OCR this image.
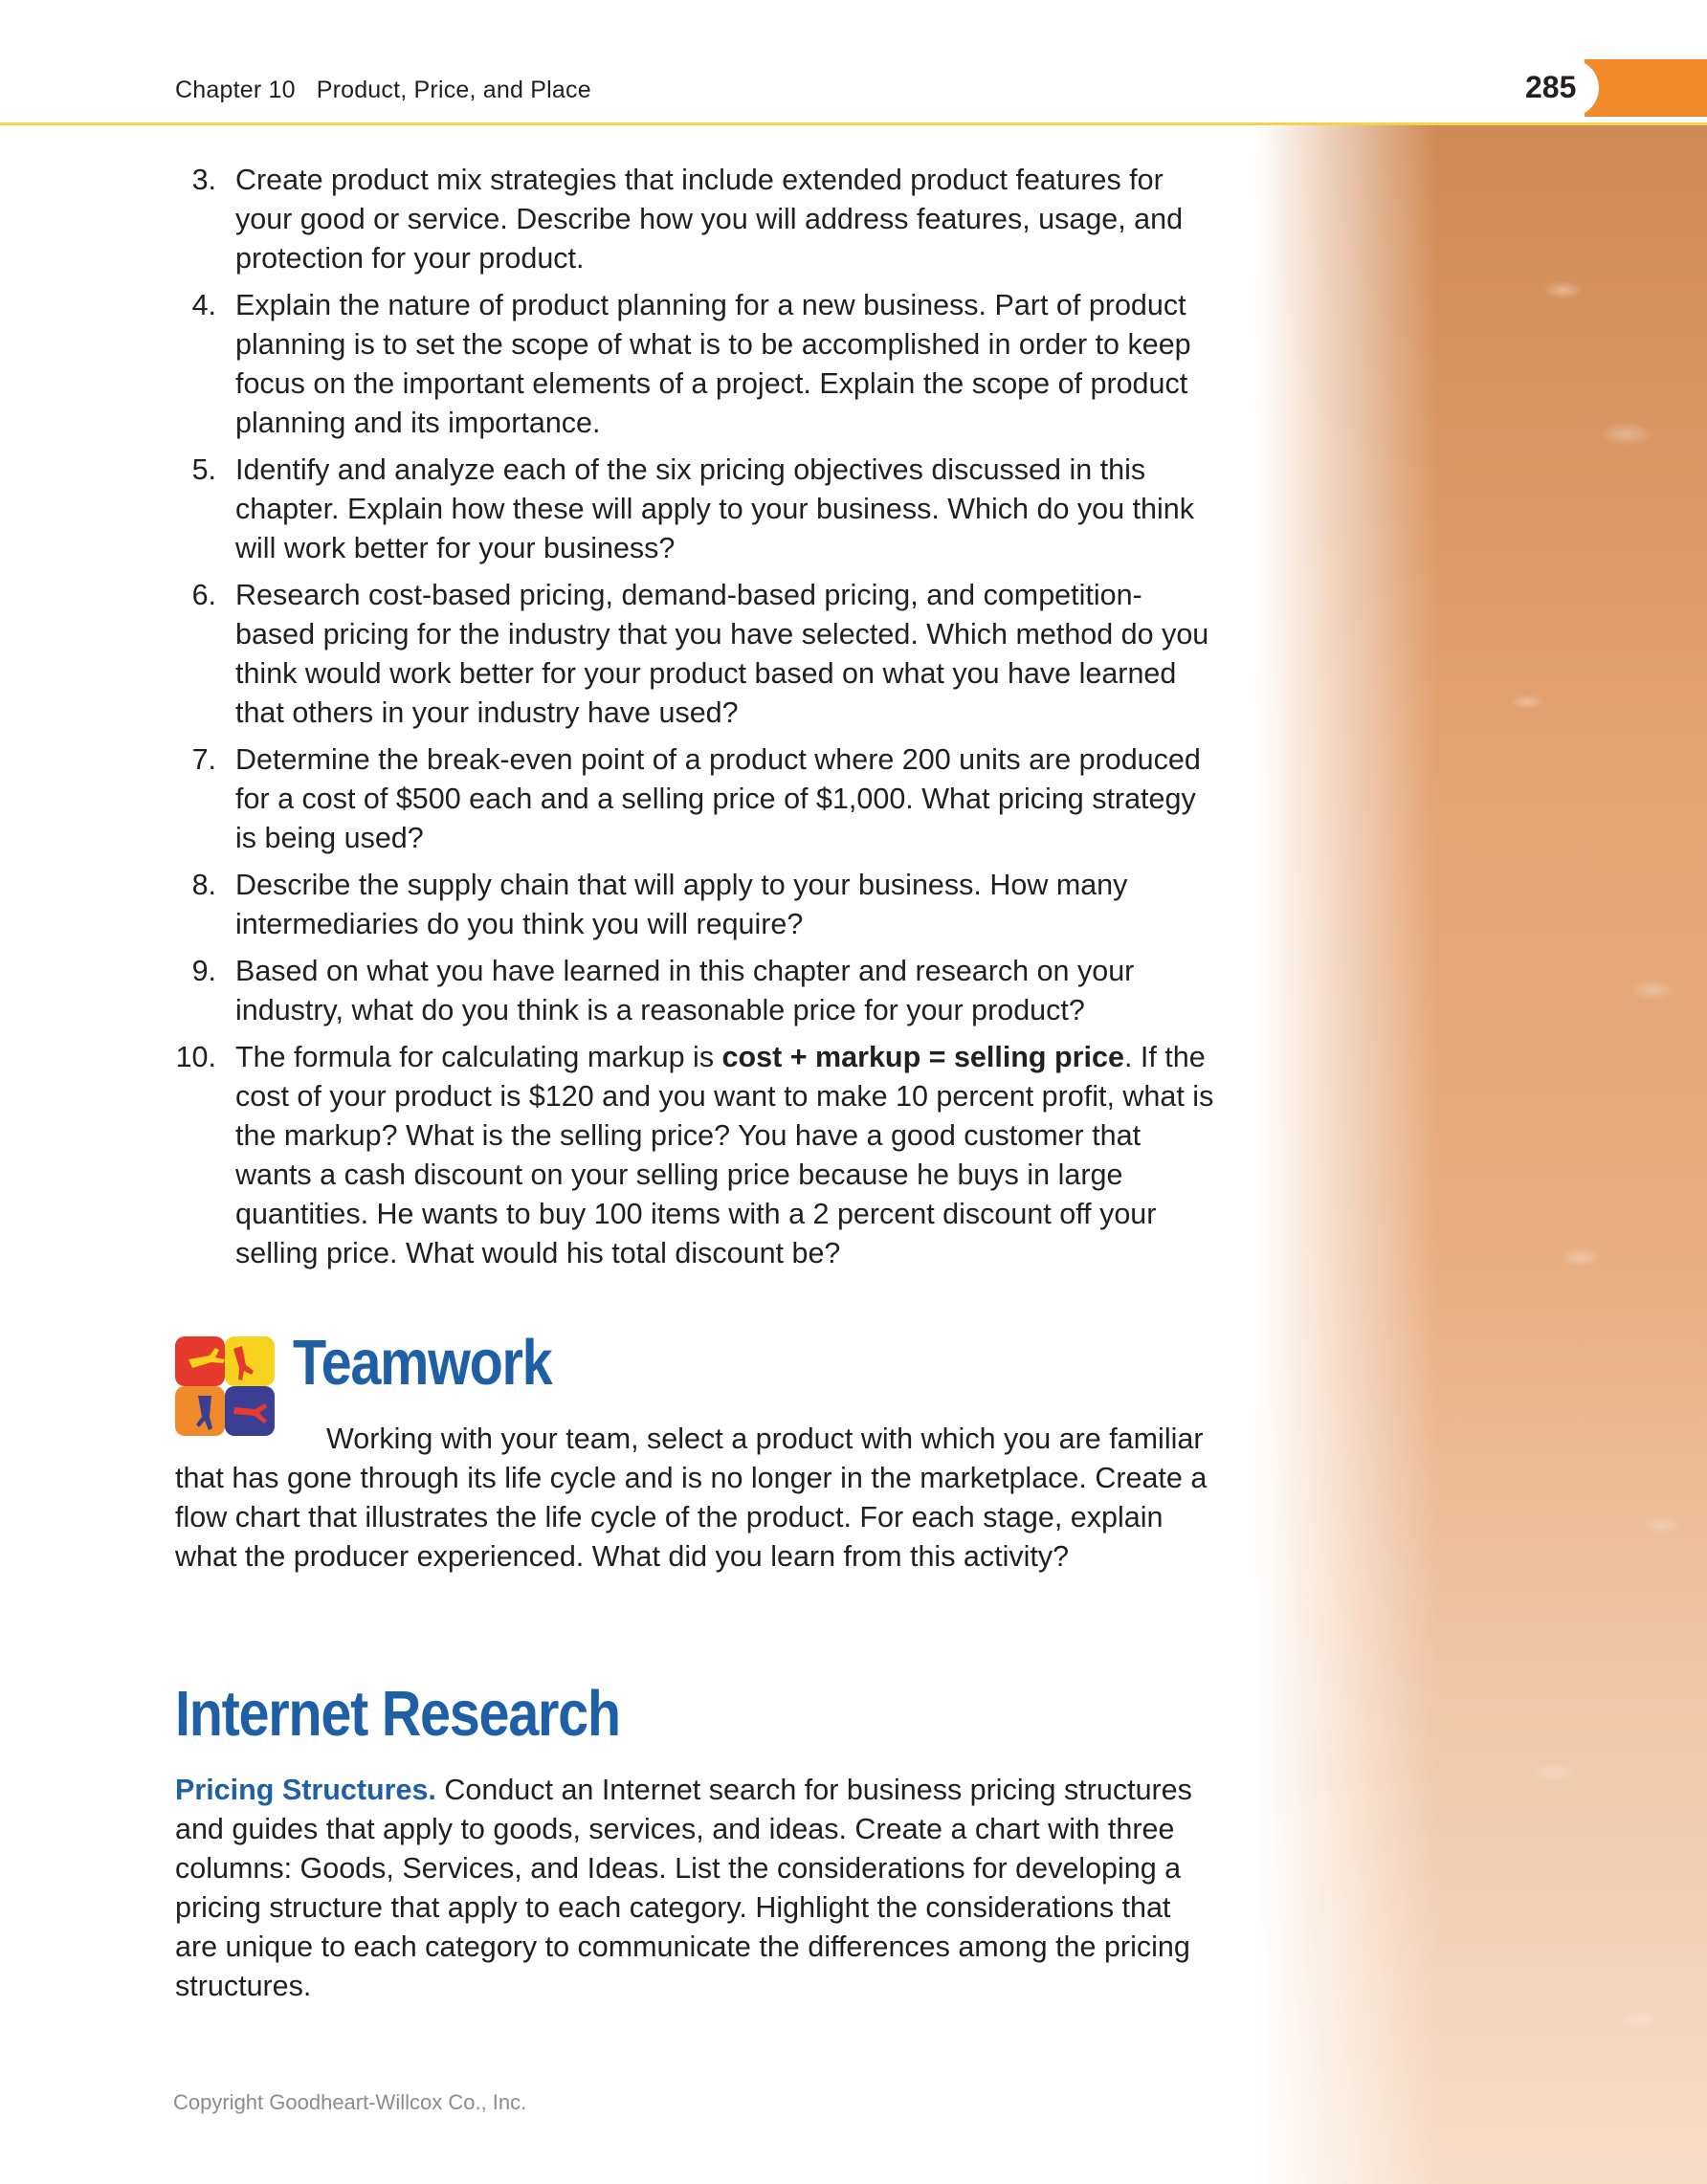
Chapter 10 Product, Price, and Place	285
3. Create product mix strategies that include extended product features for your good or service. Describe how you will address features, usage, and protection for your product.
4. Explain the nature of product planning for a new business. Part of product planning is to set the scope of what is to be accomplished in order to keep focus on the important elements of a project. Explain the scope of product planning and its importance.
5. Identify and analyze each of the six pricing objectives discussed in this chapter. Explain how these will apply to your business. Which do you think will work better for your business?
6. Research cost-based pricing, demand-based pricing, and competition-based pricing for the industry that you have selected. Which method do you think would work better for your product based on what you have learned that others in your industry have used?
7. Determine the break-even point of a product where 200 units are produced for a cost of $500 each and a selling price of $1,000. What pricing strategy is being used?
8. Describe the supply chain that will apply to your business. How many intermediaries do you think you will require?
9. Based on what you have learned in this chapter and research on your industry, what do you think is a reasonable price for your product?
10. The formula for calculating markup is cost + markup = selling price. If the cost of your product is $120 and you want to make 10 percent profit, what is the markup? What is the selling price? You have a good customer that wants a cash discount on your selling price because he buys in large quantities. He wants to buy 100 items with a 2 percent discount off your selling price. What would his total discount be?
Teamwork
Working with your team, select a product with which you are familiar that has gone through its life cycle and is no longer in the marketplace. Create a flow chart that illustrates the life cycle of the product. For each stage, explain what the producer experienced. What did you learn from this activity?
Internet Research
Pricing Structures. Conduct an Internet search for business pricing structures and guides that apply to goods, services, and ideas. Create a chart with three columns: Goods, Services, and Ideas. List the considerations for developing a pricing structure that apply to each category. Highlight the considerations that are unique to each category to communicate the differences among the pricing structures.
Copyright Goodheart-Willcox Co., Inc.
